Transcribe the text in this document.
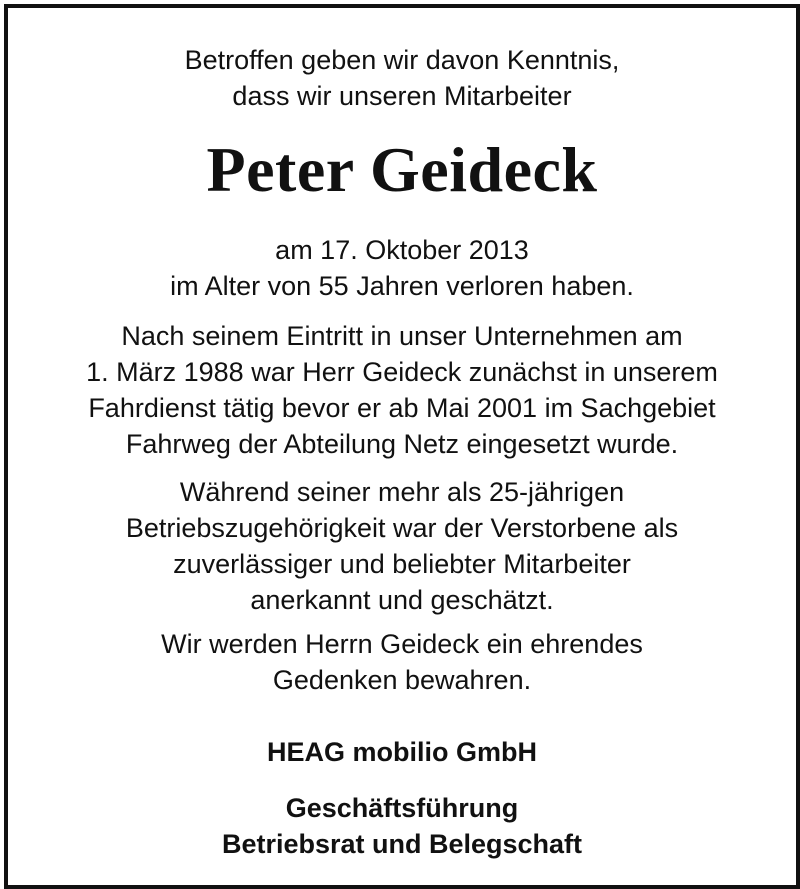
Betroffen geben wir davon Kenntnis,
dass wir unseren Mitarbeiter

Peter Geideck

am 17. Oktober 2013
im Alter von 55 Jahren verloren haben.

Nach seinem Eintritt in unser Unternehmen am
1. März 1988 war Herr Geideck zunächst in unserem
Fahrdienst tätig bevor er ab Mai 2001 im Sachgebiet
Fahrweg der Abteilung Netz eingesetzt wurde.

Während seiner mehr als 25-jährigen
Betriebszugehörigkeit war der Verstorbene als
zuverlässiger und beliebter Mitarbeiter
anerkannt und geschätzt.

Wir werden Herrn Geideck ein ehrendes
Gedenken bewahren.

HEAG mobilio GmbH

Geschäftsführung
Betriebsrat und Belegschaft
